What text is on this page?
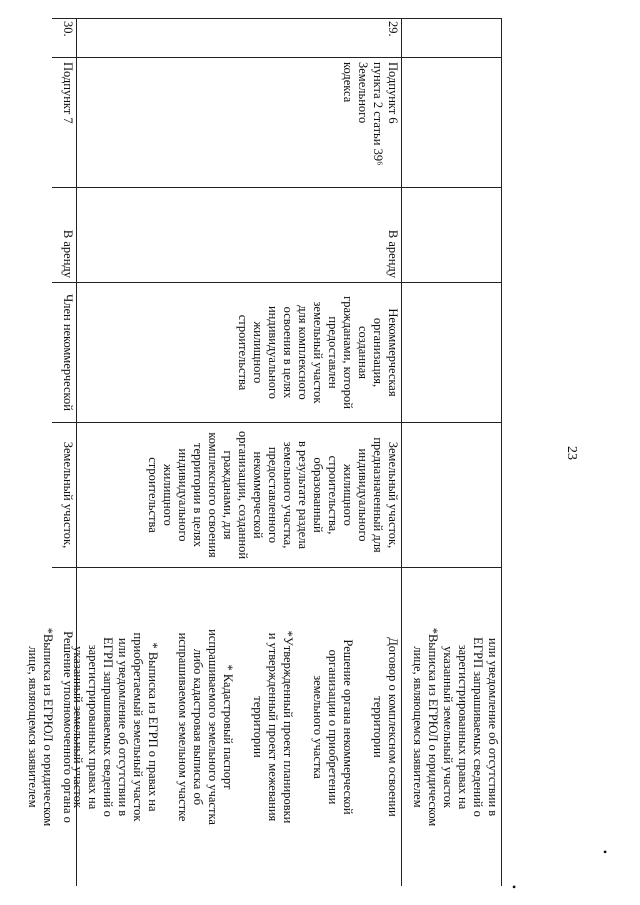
23
•
•
или уведомление об отсутствии в
ЕГРП запрашиваемых сведений о
зарегистрированных правах на
указанный земельный участок
*Выписка из ЕГРЮЛ о юридическом
лице, являющемся заявителем
29.
Подпункт 6
пункта 2 статьи 39⁶
Земельного
кодекса
В аренду
Некоммерческая
организация,
созданная
гражданами, которой
предоставлен
земельный участок
для комплексного
освоения в целях
индивидуального
жилищного
строительства
Земельный участок,
предназначенный для
индивидуального
жилищного
строительства,
образованный
в результате раздела
земельного участка,
предоставленного
некоммерческой
организации, созданной
гражданами, для
комплексного освоения
территории в целях
индивидуального
жилищного
строительства
Договор о комплексном освоении
территории

Решение органа некоммерческой
организации о приобретении
земельного участка

*Утвержденный проект планировки
и утвержденный проект межевания
территории

* Кадастровый паспорт
испрашиваемого земельного участка
либо кадастровая выписка об
испрашиваемом земельном участке

* Выписка из ЕГРП о правах на
приобретаемый земельный участок
или уведомление об отсутствии в
ЕГРП запрашиваемых сведений о
зарегистрированных правах на
указанный земельный участок

*Выписка из ЕГРЮЛ о юридическом
лице, являющемся заявителем
30.
Подпункт 7
В аренду
Член некоммерческой
Земельный участок,
Решение уполномоченного органа о
